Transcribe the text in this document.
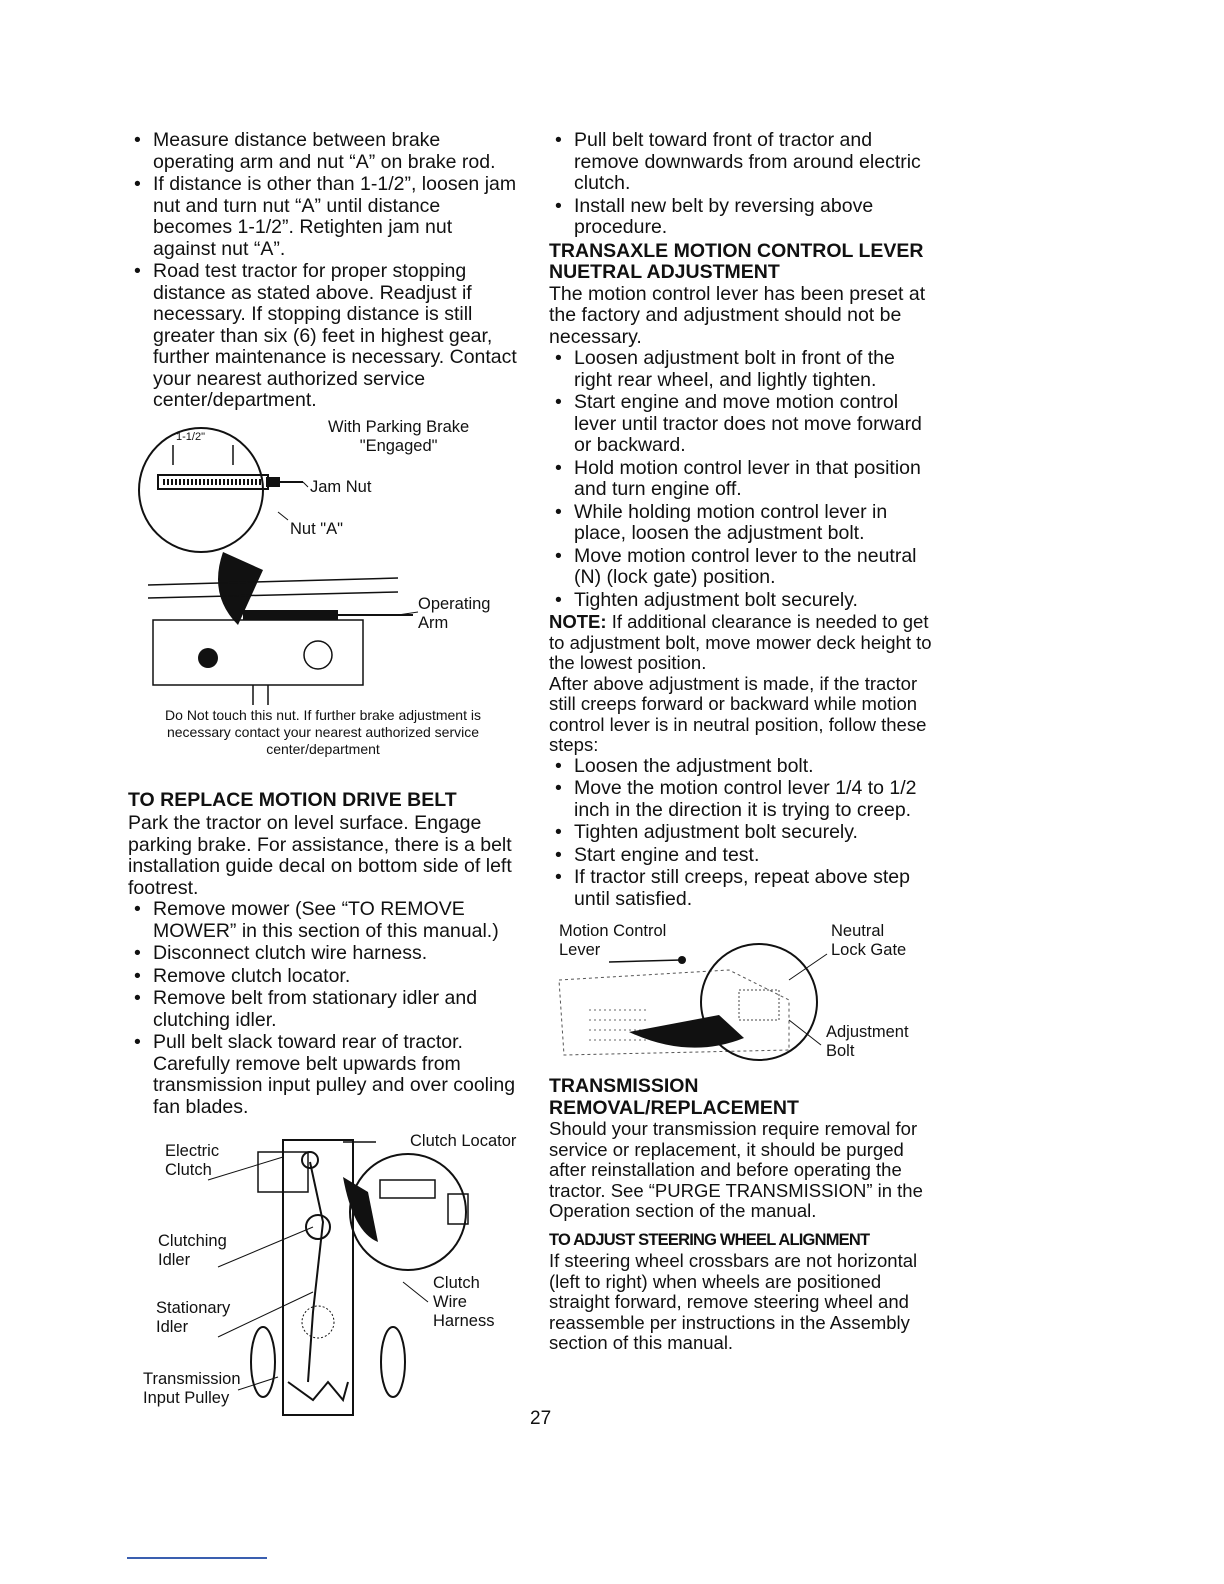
• Measure distance between brake operating arm and nut “A” on brake rod.
• If distance is other than 1-1/2”, loosen jam nut and turn nut “A” until distance becomes 1-1/2”. Retighten jam nut against nut “A”.
• Road test tractor for proper stopping distance as stated above. Readjust if necessary. If stopping distance is still greater than six (6) feet in highest gear, further maintenance is necessary. Contact your nearest authorized service center/department.
1-1/2"
With Parking Brake
"Engaged"
Jam Nut
Nut "A"
Operating
Arm

Do Not touch this nut. If further brake adjustment is necessary contact your nearest authorized service center/department

TO REPLACE MOTION DRIVE BELT

Park the tractor on level surface. Engage parking brake. For assistance, there is a belt installation guide decal on bottom side of left footrest.

• Remove mower (See “TO REMOVE MOWER” in this section of this manual.)
• Disconnect clutch wire harness.
• Remove clutch locator.
• Remove belt from stationary idler and clutching idler.
• Pull belt slack toward rear of tractor. Carefully remove belt upwards from transmission input pulley and over cooling fan blades.
Electric
Clutch
Clutch Locator
Clutching
Idler
Stationary
Idler
Clutch
Wire
Harness
Transmission
Input Pulley
• Pull belt toward front of tractor and remove downwards from around electric clutch.
• Install new belt by reversing above procedure.
TRANSAXLE MOTION CONTROL LEVER NUETRAL ADJUSTMENT

The motion control lever has been preset at the factory and adjustment should not be necessary.

• Loosen adjustment bolt in front of the right rear wheel, and lightly tighten.
• Start engine and move motion control lever until tractor does not move forward or backward.
• Hold motion control lever in that position and turn engine off.
• While holding motion control lever in place, loosen the adjustment bolt.
• Move motion control lever to the neutral (N) (lock gate) position.
• Tighten adjustment bolt securely.

NOTE: If additional clearance is needed to get to adjustment bolt, move mower deck height to the lowest position.

After above adjustment is made, if the tractor still creeps forward or backward while motion control lever is in neutral position, follow these steps:

• Loosen the adjustment bolt.
• Move the motion control lever 1/4 to 1/2 inch in the direction it is trying to creep.
• Tighten adjustment bolt securely.
• Start engine and test.
• If tractor still creeps, repeat above step until satisfied.
Motion Control
Lever
Neutral
Lock Gate
Adjustment
Bolt
TRANSMISSION REMOVAL/REPLACEMENT

Should your transmission require removal for service or replacement, it should be purged after reinstallation and before operating the tractor. See “PURGE TRANSMISSION” in the Operation section of the manual.

TO ADJUST STEERING WHEEL ALIGNMENT

If steering wheel crossbars are not horizontal (left to right) when wheels are positioned straight forward, remove steering wheel and reassemble per instructions in the Assembly section of this manual.

27
